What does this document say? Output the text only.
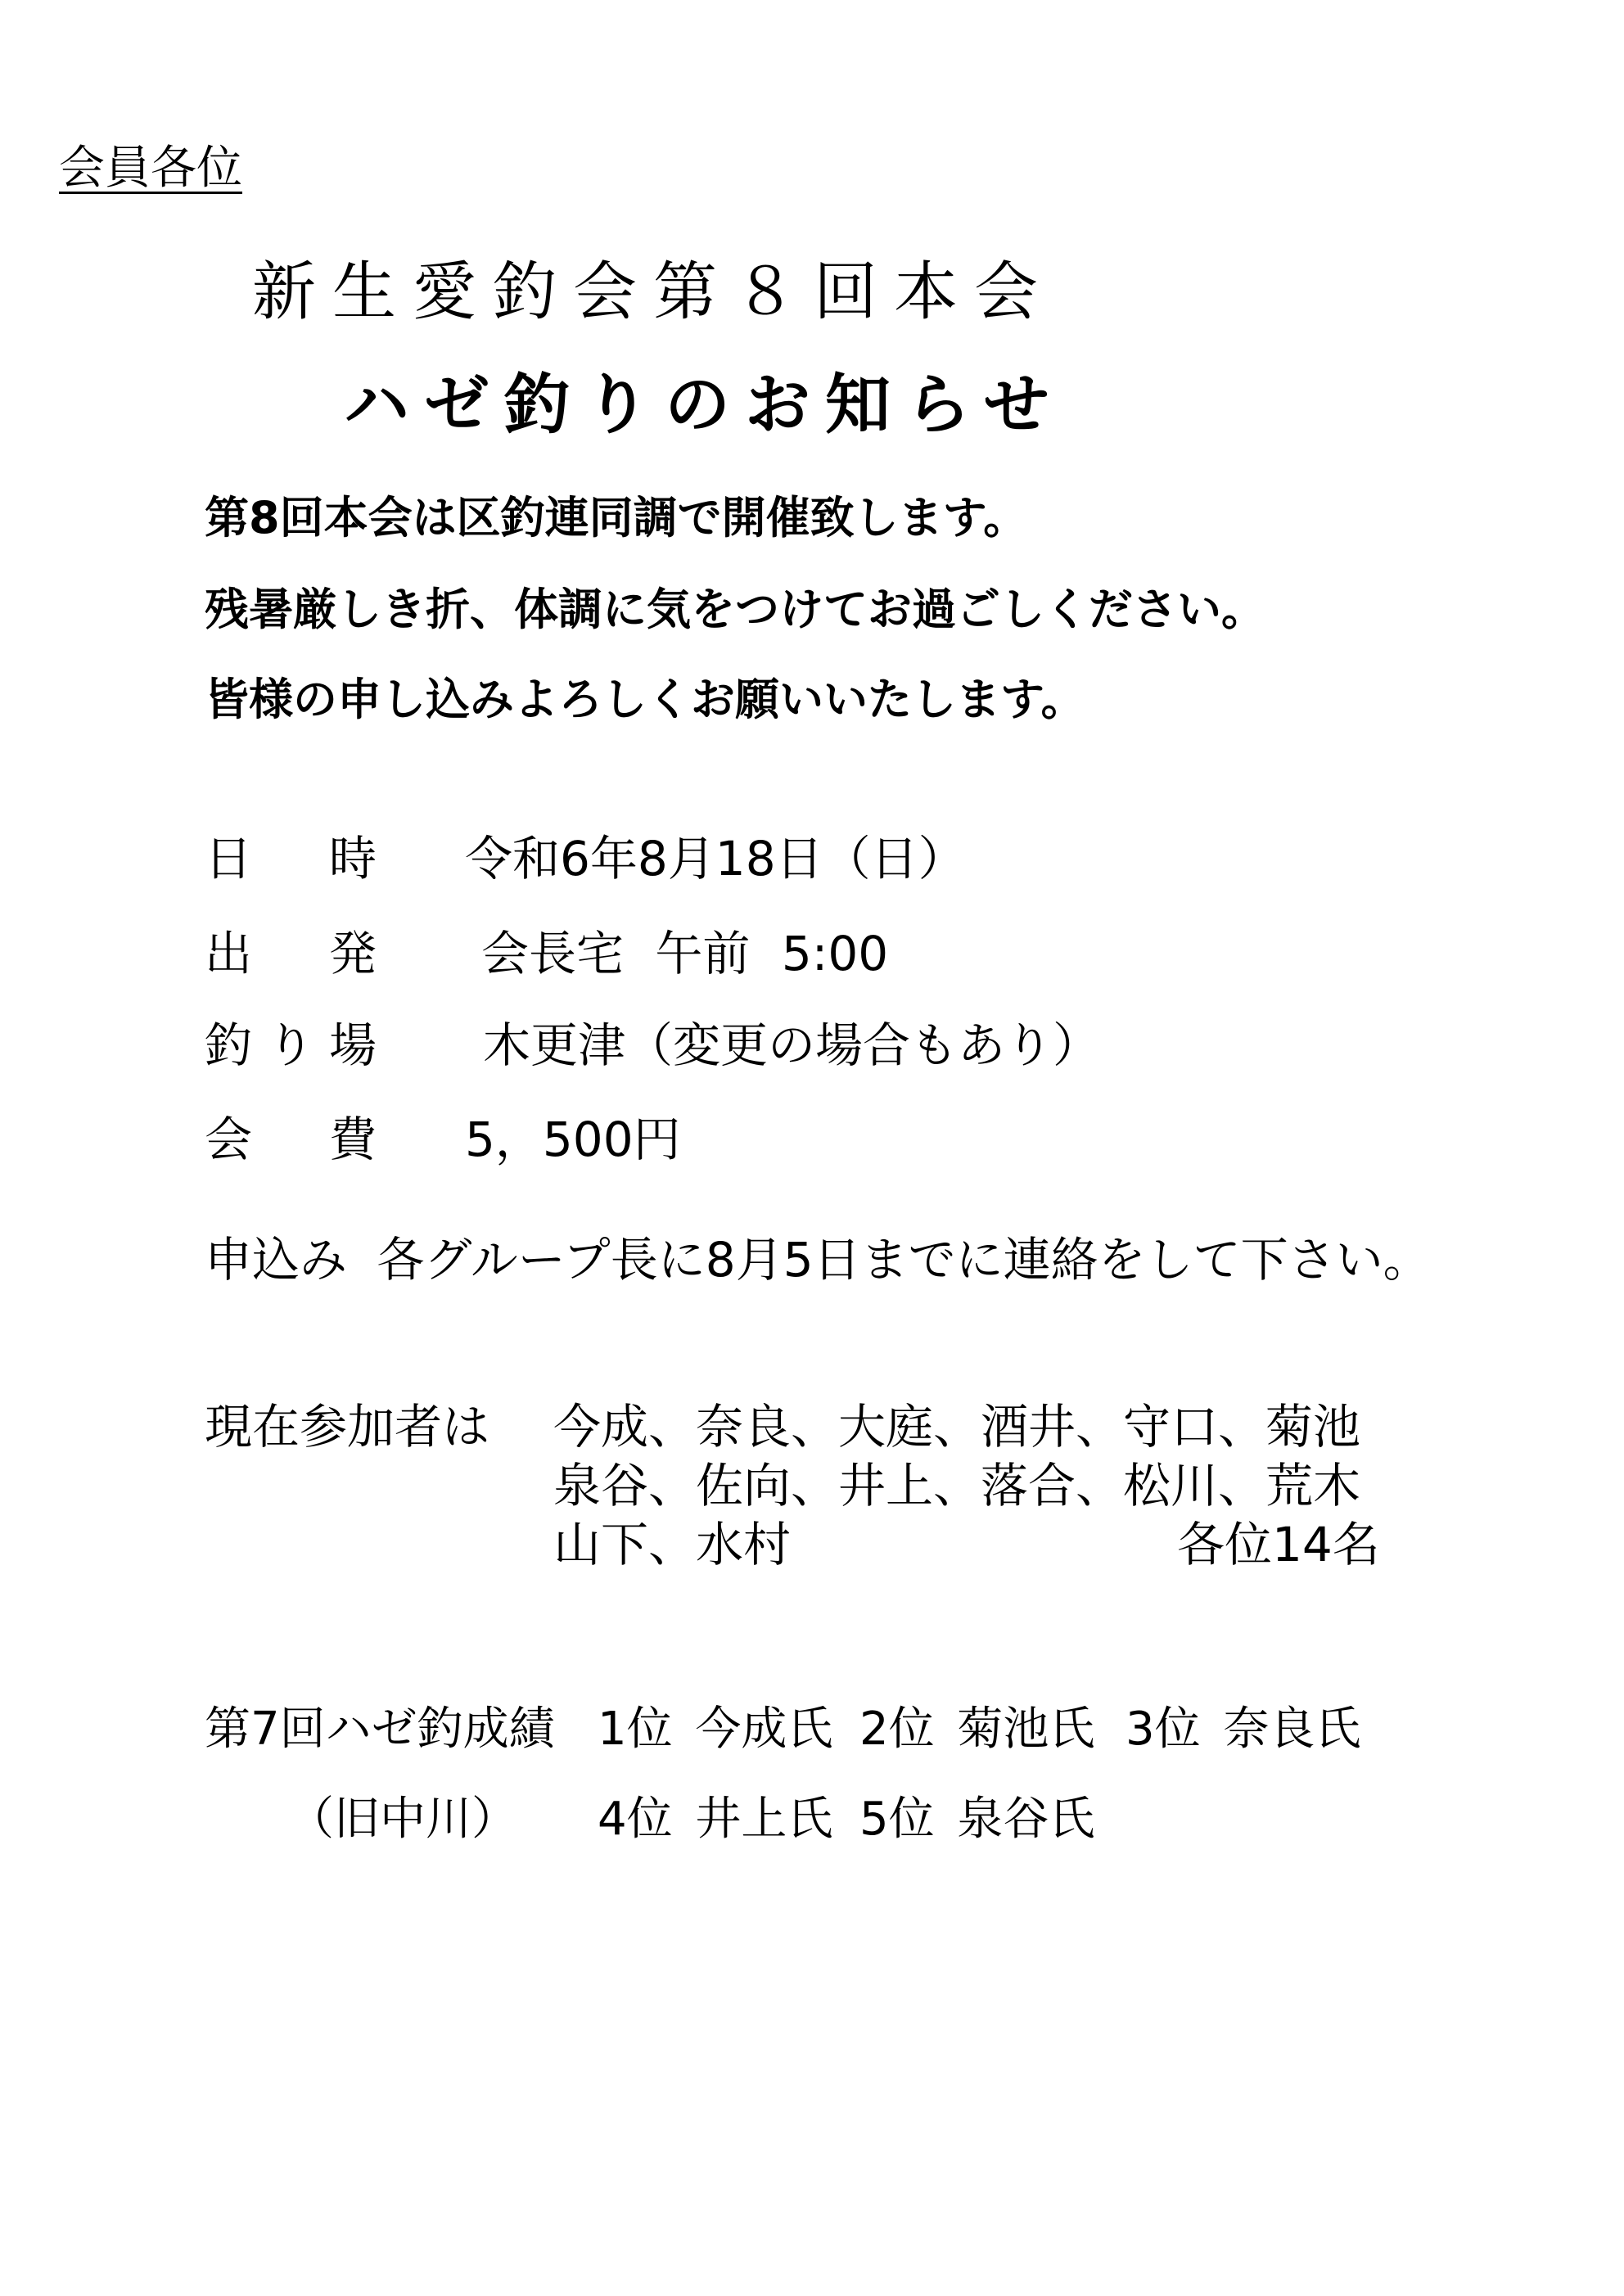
会員各位
新生愛釣会第８回本会
ハゼ釣りのお知らせ
第8回本会は区釣連同調で開催致します。
残暑厳しき折、体調に気をつけてお過ごしください。
皆様の申し込みよろしくお願いいたします。
日 時 令和6年8月18日（日）
出 発 会長宅 午前 5:00
釣 り 場 木更津（変更の場合もあり）
会 費 5，500円
申込み 各グループ長に8月5日までに連絡をして下さい。
現在参加者は 今成、奈良、大庭、酒井、守口、菊池
泉谷、佐向、井上、落合、松川、荒木
山下、水村	各位14名
第7回ハゼ釣成績
（旧中川）
1位 今成氏 2位 菊池氏 3位 奈良氏
4位 井上氏 5位 泉谷氏
